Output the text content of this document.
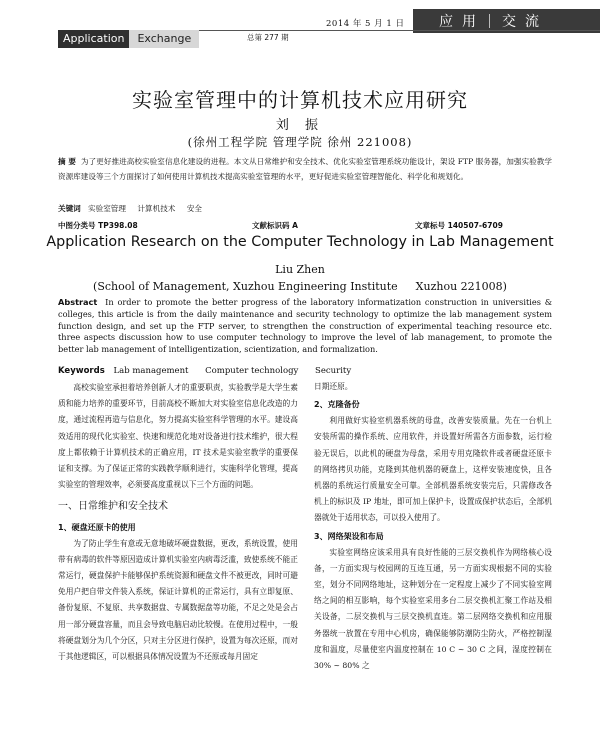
2014 年 5 月 1 日 应用 交流
Application	Exchange	总第 277 期
实验室管理中的计算机技术应用研究
刘 振
(徐州工程学院 管理学院 徐州 221008)
摘 要 为了更好推进高校实验室信息化建设的进程。本文从日常维护和安全技术、优化实验室管理系统功能设计，架设 FTP 服务器，加强实验教学资源库建设等三个方面探讨了如何使用计算机技术提高实验室管理的水平，更好促进实验室管理智能化、科学化和规划化。
关键词 实验室管理 计算机技术 安全
中图分类号 TP398.08	文献标识码 A	文章标号 140507-6709
Application Research on the Computer Technology in Lab Management
Liu Zhen
(School of Management, Xuzhou Engineering Institute Xuzhou 221008)
Abstract In order to promote the better progress of the laboratory informatization construction in universities & colleges, this article is from the daily maintenance and security technology to optimize the lab management system function design, and set up the FTP server, to strengthen the construction of experimental teaching resource etc. three aspects discussion how to use computer technology to improve the level of lab management, to promote the better lab management of intelligentization, scientization, and formalization.
Keywords Lab management Computer technology Security

高校实验室承担着培养创新人才的重要职责，实验教学是大学生素质和能力培养的重要环节，目前高校不断加大对实验室信息化改造的力度，通过流程再造与信息化，努力提高实验室科学管理的水平。建设高效适用的现代化实验室、快速和规范化地对设备进行技术维护，很大程度上都依赖于计算机技术的正确应用，IT 技术是实验室教学的重要保证和支撑。为了保证正常的实践教学顺利进行，实施科学化管理，提高实验室的管理效率，必须要高度重视以下三个方面的问题。

一、日常维护和安全技术
1、硬盘还原卡的使用

为了防止学生有意或无意地破坏硬盘数据，更改，系统设置，使用带有病毒的软件等原因造成计算机实验室内病毒泛滥，致使系统不能正常运行，硬盘保护卡能够保护系统资源和硬盘文件不被更改，同时可避免用户把自带文件装入系统，保证计算机的正常运行，具有立即复原、备份复原、不复原、共享数据盘、专属数据盘等功能，不足之处是会占用一部分硬盘容量，而且会导致电脑启动比较慢。在使用过程中，一般将硬盘划分为几个分区，只对主分区进行保护，设置为每次还原，而对于其他逻辑区，可以根据具体情况设置为不还原或每月固定

日期还原。

2、克隆备份

利用做好实验室机器系统的母盘，改善安装质量。先在一台机上安装所需的操作系统、应用软件，并设置好所需各方面参数，运行检验无误后，以此机的硬盘为母盘，采用专用克隆软件或者硬盘还原卡的网络拷贝功能，克隆到其他机器的硬盘上，这样安装速度快，且各机器的系统运行质量安全可靠。全部机器系统安装完后，只需修改各机上的标识及 IP 地址，即可加上保护卡，设置成保护状态后，全部机器就处于适用状态，可以投入使用了。

3、网络架设和布局

实验室网络应该采用具有良好性能的三层交换机作为网络核心设备，一方面实现与校园网的互连互通，另一方面实现根据不同的实验室，划分不同网络地址，这种划分在一定程度上减少了不同实验室网络之间的相互影响，每个实验室采用多台二层交换机汇聚工作站及相关设备，二层交换机与三层交换机直连。第二层网络交换机和应用服务器统一放置在专用中心机房，确保能够防潮防尘防火，严格控制湿度和温度，尽量使室内温度控制在 10 C ~ 30 C 之间，湿度控制在 30% ~ 80% 之
